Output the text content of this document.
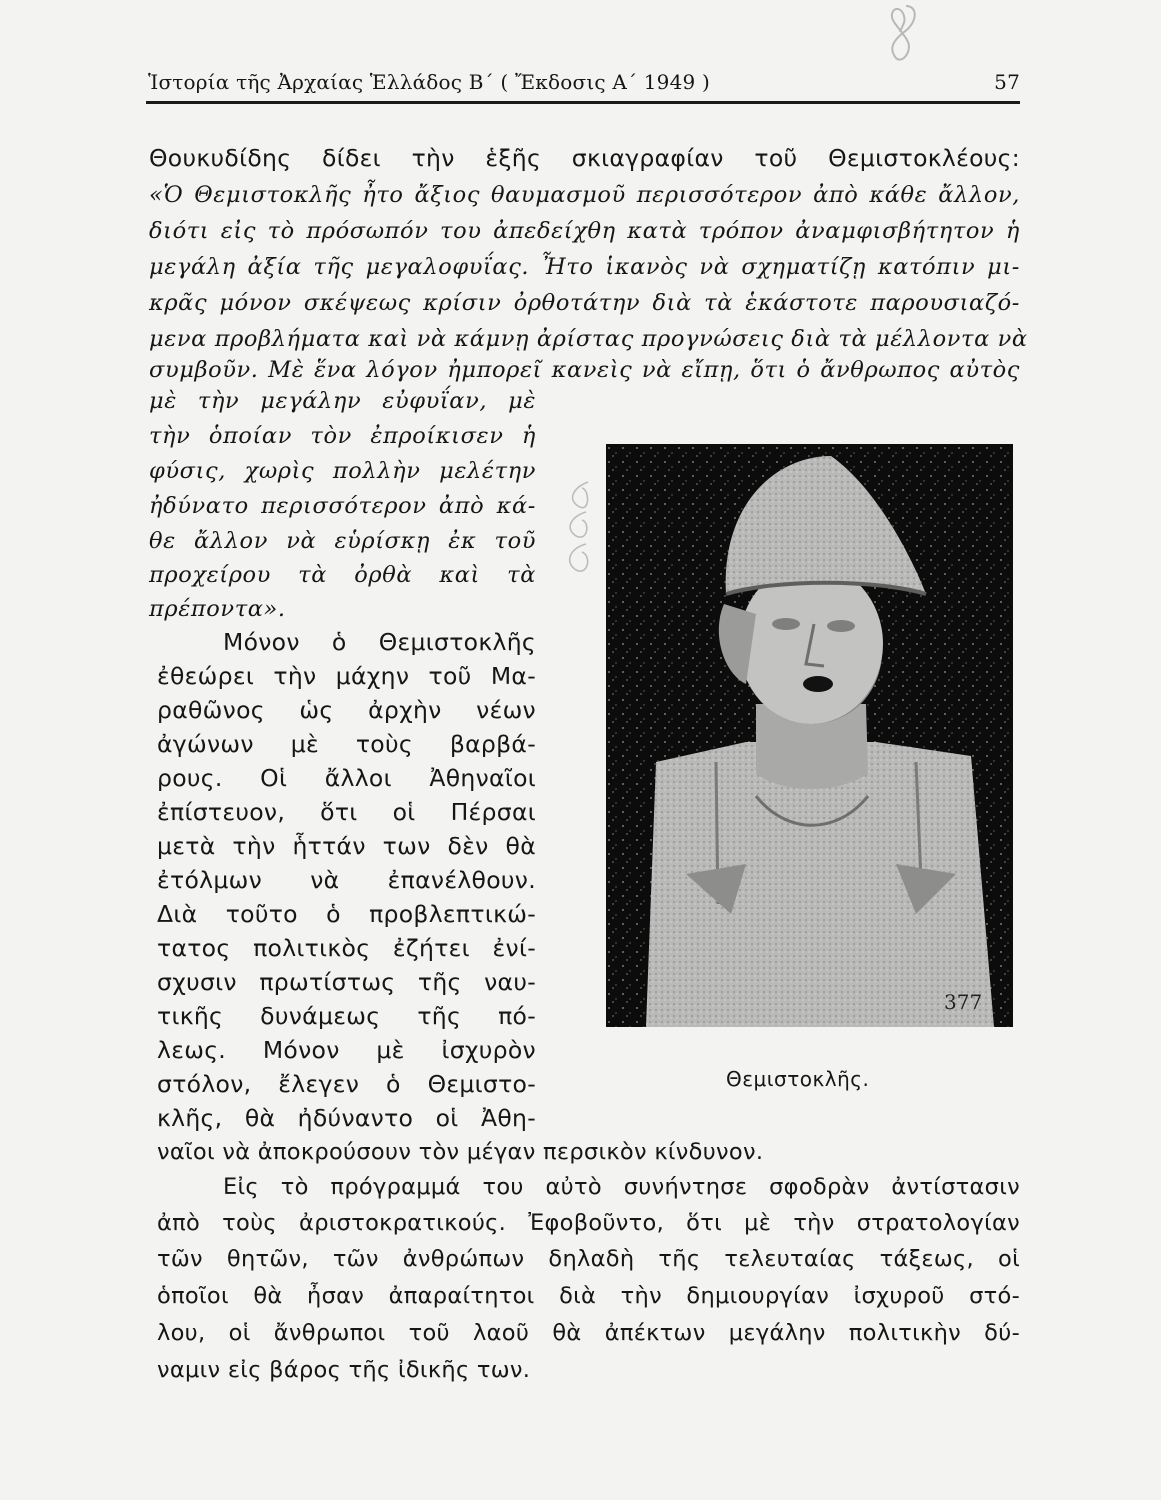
Ἱστορία τῆς Ἀρχαίας Ἑλλάδος Β΄ ( Ἔκδοσις Α΄ 1949 )	57
Θουκυδίδης δίδει τὴν ἑξῆς σκιαγραφίαν τοῦ Θεμιστοκλέους:
«Ὁ Θεμιστοκλῆς ἦτο ἄξιος θαυμασμοῦ περισσότερον ἀπὸ κάθε ἄλλον,
διότι εἰς τὸ πρόσωπόν του ἀπεδείχθη κατὰ τρόπον ἀναμφισβήτητον ἡ
μεγάλη ἀξία τῆς μεγαλοφυΐας. Ἦτο ἱκανὸς νὰ σχηματίζῃ κατόπιν μι-
κρᾶς μόνον σκέψεως κρίσιν ὀρθοτάτην διὰ τὰ ἑκάστοτε παρουσιαζό-
μενα προβλήματα καὶ νὰ κάμνῃ ἀρίστας προγνώσεις διὰ τὰ μέλλοντα νὰ
συμβοῦν. Μὲ ἕνα λόγον ἠμπορεῖ κανεὶς νὰ εἴπῃ, ὅτι ὁ ἄνθρωπος αὐτὸς
μὲ τὴν μεγάλην εὐφυΐαν, μὲ
τὴν ὁποίαν τὸν ἐπροίκισεν ἡ
φύσις, χωρὶς πολλὴν μελέτην
ἠδύνατο περισσότερον ἀπὸ κά-
θε ἄλλον νὰ εὑρίσκῃ ἐκ τοῦ
προχείρου τὰ ὀρθὰ καὶ τὰ
πρέποντα».
Μόνον ὁ Θεμιστοκλῆς
ἐθεώρει τὴν μάχην τοῦ Μα-
ραθῶνος ὡς ἀρχὴν νέων
ἀγώνων μὲ τοὺς βαρβά-
ρους. Οἱ ἄλλοι Ἀθηναῖοι
ἐπίστευον, ὅτι οἱ Πέρσαι
μετὰ τὴν ἧττάν των δὲν θὰ
ἐτόλμων νὰ ἐπανέλθουν.
Διὰ τοῦτο ὁ προβλεπτικώ-
τατος πολιτικὸς ἐζήτει ἐνί-
σχυσιν πρωτίστως τῆς ναυ-
τικῆς δυνάμεως τῆς πό-
λεως. Μόνον μὲ ἰσχυρὸν
στόλον, ἔλεγεν ὁ Θεμιστο-
κλῆς, θὰ ἠδύναντο οἱ Ἀθη-
ναῖοι νὰ ἀποκρούσουν τὸν μέγαν περσικὸν κίνδυνον.
Εἰς τὸ πρόγραμμά του αὐτὸ συνήντησε σφοδρὰν ἀντίστασιν
ἀπὸ τοὺς ἀριστοκρατικούς. Ἐφοβοῦντο, ὅτι μὲ τὴν στρατολογίαν
τῶν θητῶν, τῶν ἀνθρώπων δηλαδὴ τῆς τελευταίας τάξεως, οἱ
ὁποῖοι θὰ ἦσαν ἀπαραίτητοι διὰ τὴν δημιουργίαν ἰσχυροῦ στό-
λου, οἱ ἄνθρωποι τοῦ λαοῦ θὰ ἀπέκτων μεγάλην πολιτικὴν δύ-
ναμιν εἰς βάρος τῆς ἰδικῆς των.
377
Θεμιστοκλῆς.
